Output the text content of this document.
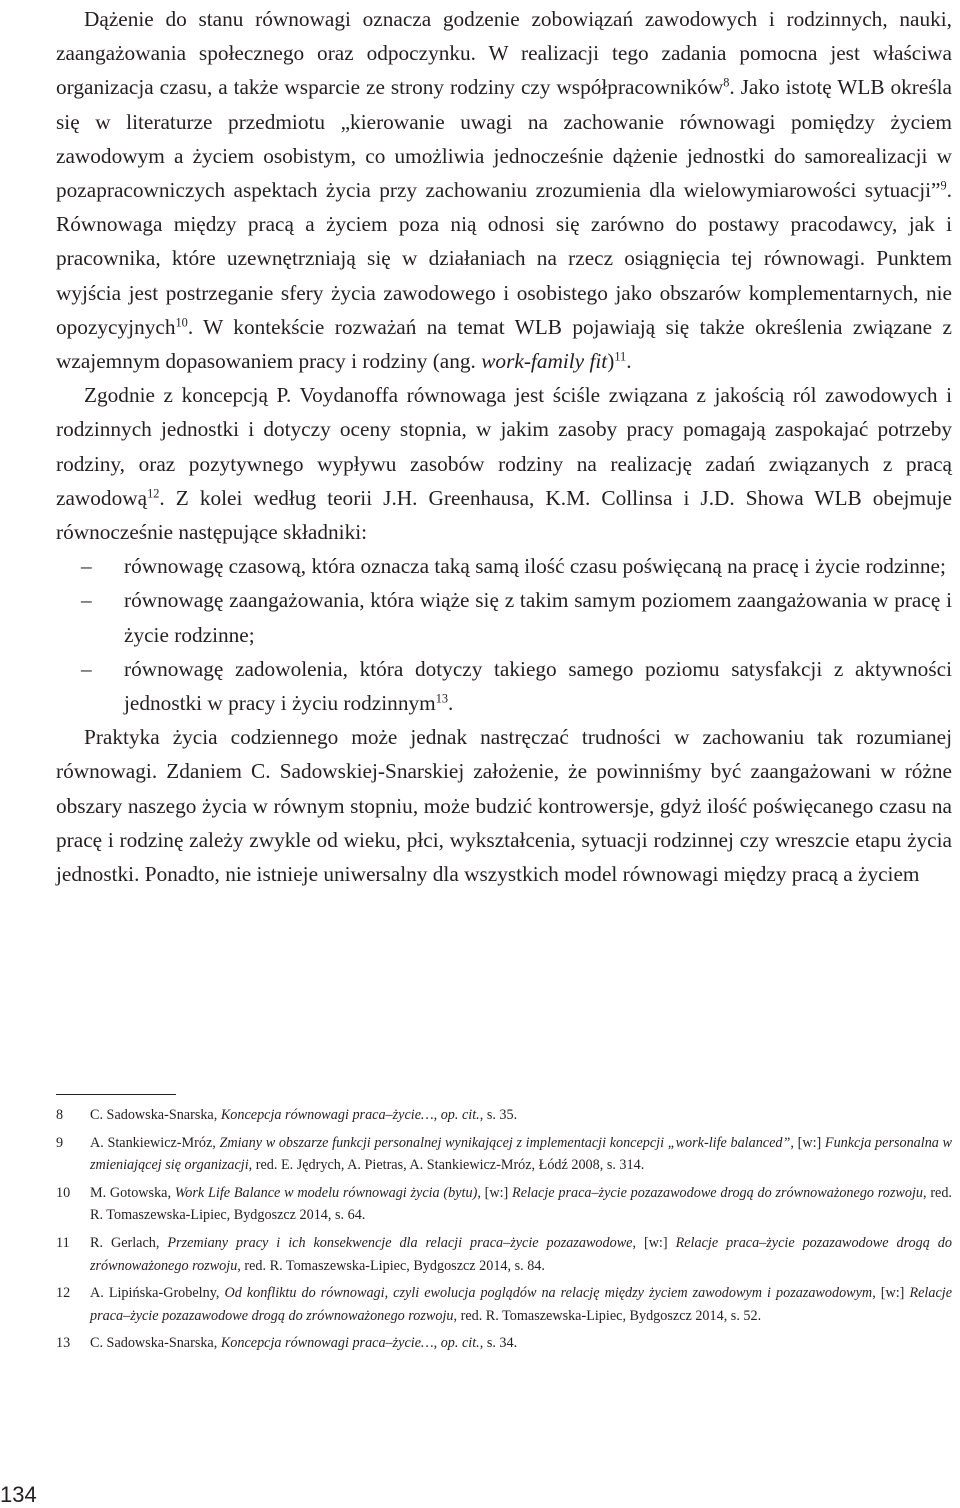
Dążenie do stanu równowagi oznacza godzenie zobowiązań zawodowych i rodzinnych, nauki, zaangażowania społecznego oraz odpoczynku. W realizacji tego zadania pomocna jest właściwa organizacja czasu, a także wsparcie ze strony rodziny czy współpracowników$^8$. Jako istotę WLB określa się w literaturze przedmiotu „kierowanie uwagi na zachowanie równowagi pomiędzy życiem zawodowym a życiem osobistym, co umożliwia jednocześnie dążenie jednostki do samorealizacji w pozapracowniczych aspektach życia przy zachowaniu zrozumienia dla wielowymiarowości sytuacji”$^9$. Równowaga między pracą a życiem poza nią odnosi się zarówno do postawy pracodawcy, jak i pracownika, które uzewnętrzniają się w działaniach na rzecz osiągnięcia tej równowagi. Punktem wyjścia jest postrzeganie sfery życia zawodowego i osobistego jako obszarów komplementarnych, nie opozycyjnych$^{10}$. W kontekście rozważań na temat WLB pojawiają się także określenia związane z wzajemnym dopasowaniem pracy i rodziny (ang. work-family fit)$^{11}$.

Zgodnie z koncepcją P. Voydanoffa równowaga jest ściśle związana z jakością ról zawodowych i rodzinnych jednostki i dotyczy oceny stopnia, w jakim zasoby pracy pomagają zaspokajać potrzeby rodziny, oraz pozytywnego wypływu zasobów rodziny na realizację zadań związanych z pracą zawodową$^{12}$. Z kolei według teorii J.H. Greenhausa, K.M. Collinsa i J.D. Showa WLB obejmuje równocześnie następujące składniki:

– równowagę czasową, która oznacza taką samą ilość czasu poświęcaną na pracę i życie rodzinne;

– równowagę zaangażowania, która wiąże się z takim samym poziomem zaangażowania w pracę i życie rodzinne;

– równowagę zadowolenia, która dotyczy takiego samego poziomu satysfakcji z aktywności jednostki w pracy i życiu rodzinnym$^{13}$.

Praktyka życia codziennego może jednak nastręczać trudności w zachowaniu tak rozumianej równowagi. Zdaniem C. Sadowskiej-Snarskiej założenie, że powinniśmy być zaangażowani w różne obszary naszego życia w równym stopniu, może budzić kontrowersje, gdyż ilość poświęcanego czasu na pracę i rodzinę zależy zwykle od wieku, płci, wykształcenia, sytuacji rodzinnej czy wreszcie etapu życia jednostki. Ponadto, nie istnieje uniwersalny dla wszystkich model równowagi między pracą a życiem

8	C. Sadowska-Snarska, Koncepcja równowagi praca–życie…, op. cit., s. 35.
9	A. Stankiewicz-Mróz, Zmiany w obszarze funkcji personalnej wynikającej z implementacji koncepcji „work-life balanced”, [w:] Funkcja personalna w zmieniającej się organizacji, red. E. Jędrych, A. Pietras, A. Stankiewicz-Mróz, Łódź 2008, s. 314.
10	M. Gotowska, Work Life Balance w modelu równowagi życia (bytu), [w:] Relacje praca–życie pozazawodowe drogą do zrównoważonego rozwoju, red. R. Tomaszewska-Lipiec, Bydgoszcz 2014, s. 64.
11	R. Gerlach, Przemiany pracy i ich konsekwencje dla relacji praca–życie pozazawodowe, [w:] Relacje praca–życie pozazawodowe drogą do zrównoważonego rozwoju, red. R. Tomaszewska-Lipiec, Bydgoszcz 2014, s. 84.
12	A. Lipińska-Grobelny, Od konfliktu do równowagi, czyli ewolucja poglądów na relację między życiem zawodowym i pozazawodowym, [w:] Relacje praca–życie pozazawodowe drogą do zrównoważonego rozwoju, red. R. Tomaszewska-Lipiec, Bydgoszcz 2014, s. 52.
13	C. Sadowska-Snarska, Koncepcja równowagi praca–życie…, op. cit., s. 34.
134
